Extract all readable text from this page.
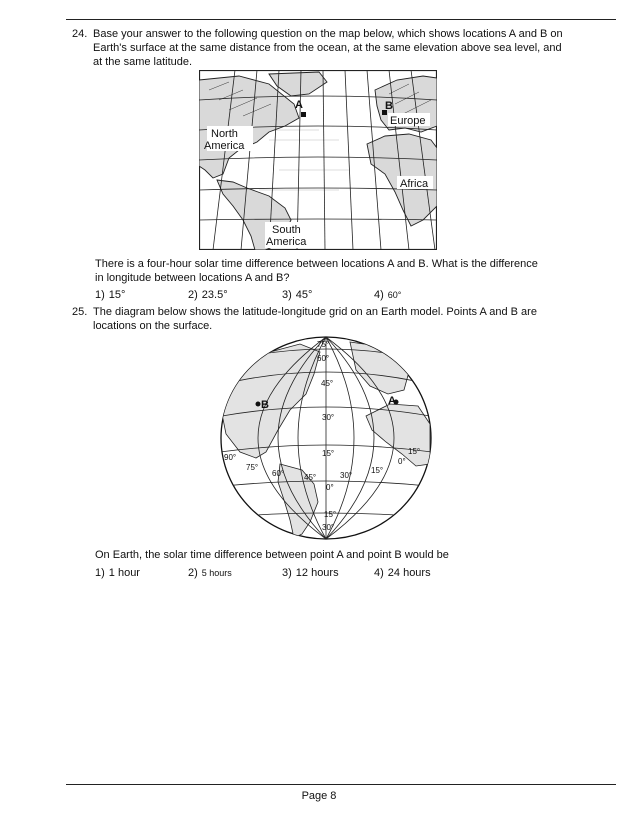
24. Base your answer to the following question on the map below, which shows locations A and B on Earth's surface at the same distance from the ocean, at the same elevation above sea level, and at the same latitude.
A	B
Europe
North
America
Africa
South
America
There is a four-hour solar time difference between locations A and B. What is the difference in longitude between locations A and B?
1) 15°	2) 23.5°	3) 45°	4) 60°
25. The diagram below shows the latitude-longitude grid on an Earth model. Points A and B are locations on the surface.
B	A
75°
60°
45°
30°
15°
0°
15°
30°
90°
75°
60° 45°	30°
15°
0°
15°
On Earth, the solar time difference between point A and point B would be
1) 1 hour	2) 5 hours	3) 12 hours	4) 24 hours
Page 8
